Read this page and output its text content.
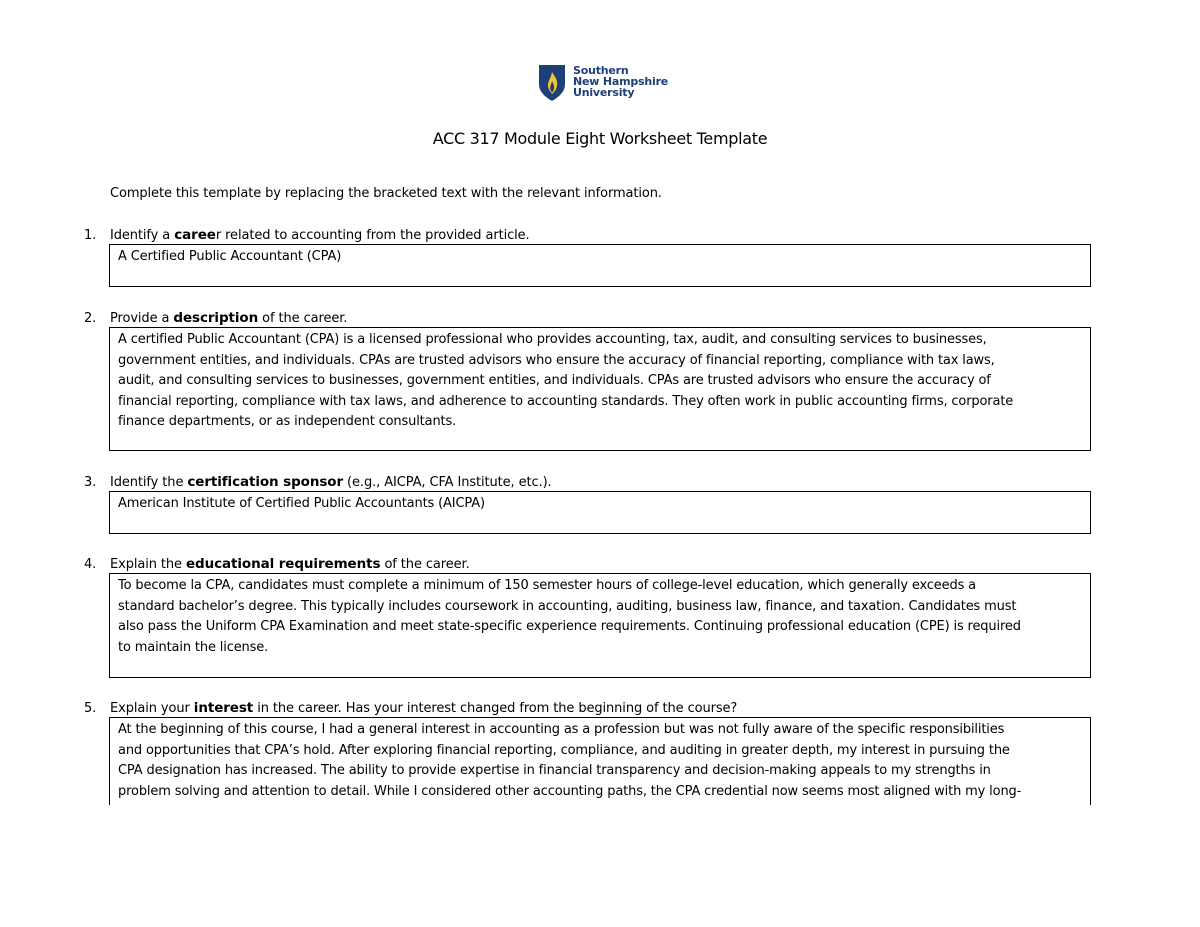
Southern
New Hampshire
University
ACC 317 Module Eight Worksheet Template
Complete this template by replacing the bracketed text with the relevant information.
1. Identify a career related to accounting from the provided article.
A Certified Public Accountant (CPA)
2. Provide a description of the career.
A certified Public Accountant (CPA) is a licensed professional who provides accounting, tax, audit, and consulting services to businesses,
government entities, and individuals. CPAs are trusted advisors who ensure the accuracy of financial reporting, compliance with tax laws,
audit, and consulting services to businesses, government entities, and individuals. CPAs are trusted advisors who ensure the accuracy of
financial reporting, compliance with tax laws, and adherence to accounting standards. They often work in public accounting firms, corporate
finance departments, or as independent consultants.
3. Identify the certification sponsor (e.g., AICPA, CFA Institute, etc.).
American Institute of Certified Public Accountants (AICPA)
4. Explain the educational requirements of the career.
To become la CPA, candidates must complete a minimum of 150 semester hours of college-level education, which generally exceeds a
standard bachelor’s degree. This typically includes coursework in accounting, auditing, business law, finance, and taxation. Candidates must
also pass the Uniform CPA Examination and meet state-specific experience requirements. Continuing professional education (CPE) is required
to maintain the license.
5. Explain your interest in the career. Has your interest changed from the beginning of the course?
At the beginning of this course, I had a general interest in accounting as a profession but was not fully aware of the specific responsibilities
and opportunities that CPA’s hold. After exploring financial reporting, compliance, and auditing in greater depth, my interest in pursuing the
CPA designation has increased. The ability to provide expertise in financial transparency and decision-making appeals to my strengths in
problem solving and attention to detail. While I considered other accounting paths, the CPA credential now seems most aligned with my long-
